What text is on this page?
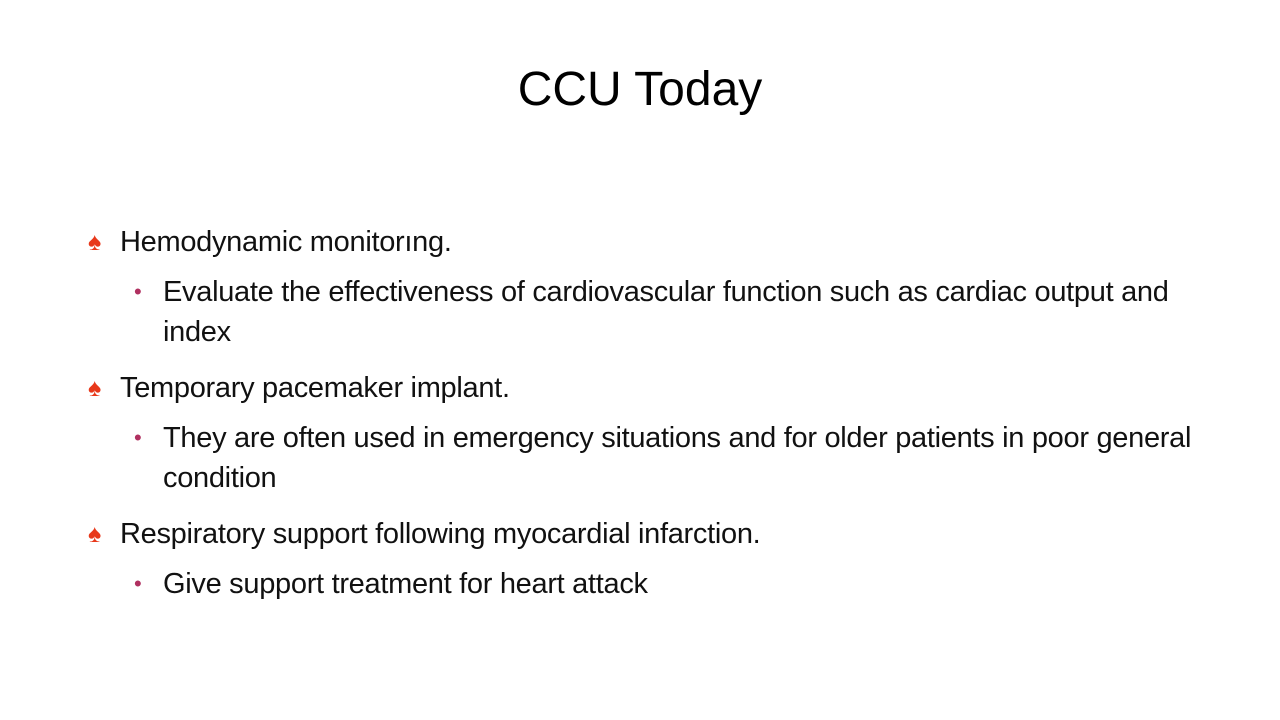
CCU Today
♠ Hemodynamic monitorıng.
• Evaluate the effectiveness of cardiovascular function such as cardiac output and index
♠ Temporary pacemaker implant.
• They are often used in emergency situations and for older patients in poor general condition
♠ Respiratory support following myocardial infarction.
• Give support treatment for heart attack
